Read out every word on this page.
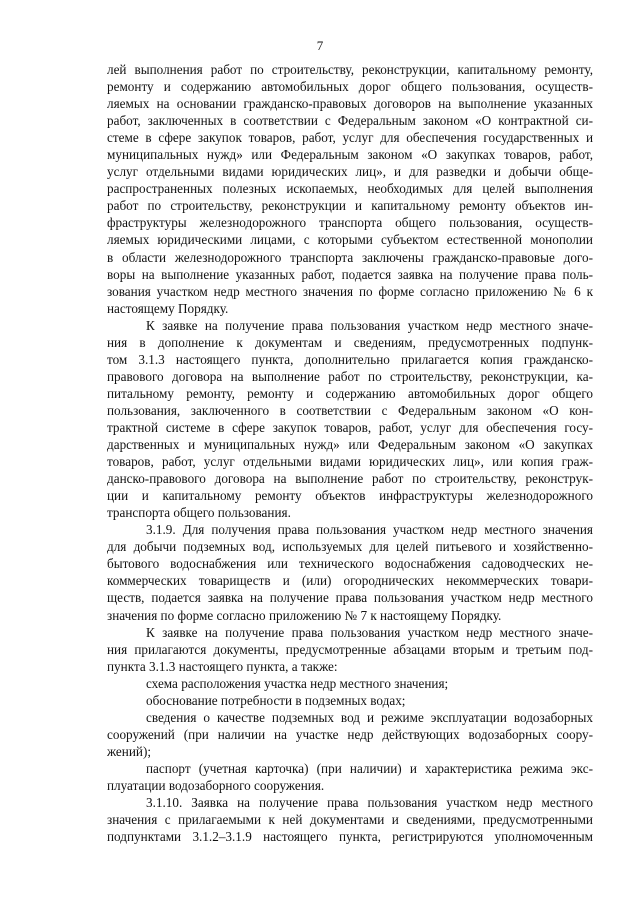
7
лей выполнения работ по строительству, реконструкции, капитальному ремонту,
ремонту и содержанию автомобильных дорог общего пользования, осуществ-
ляемых на основании гражданско-правовых договоров на выполнение указанных
работ, заключенных в соответствии с Федеральным законом «О контрактной си-
стеме в сфере закупок товаров, работ, услуг для обеспечения государственных и
муниципальных нужд» или Федеральным законом «О закупках товаров, работ,
услуг отдельными видами юридических лиц», и для разведки и добычи обще-
распространенных полезных ископаемых, необходимых для целей выполнения
работ по строительству, реконструкции и капитальному ремонту объектов ин-
фраструктуры железнодорожного транспорта общего пользования, осуществ-
ляемых юридическими лицами, с которыми субъектом естественной монополии
в области железнодорожного транспорта заключены гражданско-правовые дого-
воры на выполнение указанных работ, подается заявка на получение права поль-
зования участком недр местного значения по форме согласно приложению № 6 к
настоящему Порядку.
К заявке на получение права пользования участком недр местного значе-
ния в дополнение к документам и сведениям, предусмотренных подпунк-
том 3.1.3 настоящего пункта, дополнительно прилагается копия гражданско-
правового договора на выполнение работ по строительству, реконструкции, ка-
питальному ремонту, ремонту и содержанию автомобильных дорог общего
пользования, заключенного в соответствии с Федеральным законом «О кон-
трактной системе в сфере закупок товаров, работ, услуг для обеспечения госу-
дарственных и муниципальных нужд» или Федеральным законом «О закупках
товаров, работ, услуг отдельными видами юридических лиц», или копия граж-
данско-правового договора на выполнение работ по строительству, реконструк-
ции и капитальному ремонту объектов инфраструктуры железнодорожного
транспорта общего пользования.
3.1.9. Для получения права пользования участком недр местного значения
для добычи подземных вод, используемых для целей питьевого и хозяйственно-
бытового водоснабжения или технического водоснабжения садоводческих не-
коммерческих товариществ и (или) огороднических некоммерческих товари-
ществ, подается заявка на получение права пользования участком недр местного
значения по форме согласно приложению № 7 к настоящему Порядку.
К заявке на получение права пользования участком недр местного значе-
ния прилагаются документы, предусмотренные абзацами вторым и третьим под-
пункта 3.1.3 настоящего пункта, а также:
схема расположения участка недр местного значения;
обоснование потребности в подземных водах;
сведения о качестве подземных вод и режиме эксплуатации водозаборных
сооружений (при наличии на участке недр действующих водозаборных соору-
жений);
паспорт (учетная карточка) (при наличии) и характеристика режима экс-
плуатации водозаборного сооружения.
3.1.10. Заявка на получение права пользования участком недр местного
значения с прилагаемыми к ней документами и сведениями, предусмотренными
подпунктами 3.1.2–3.1.9 настоящего пункта, регистрируются уполномоченным
